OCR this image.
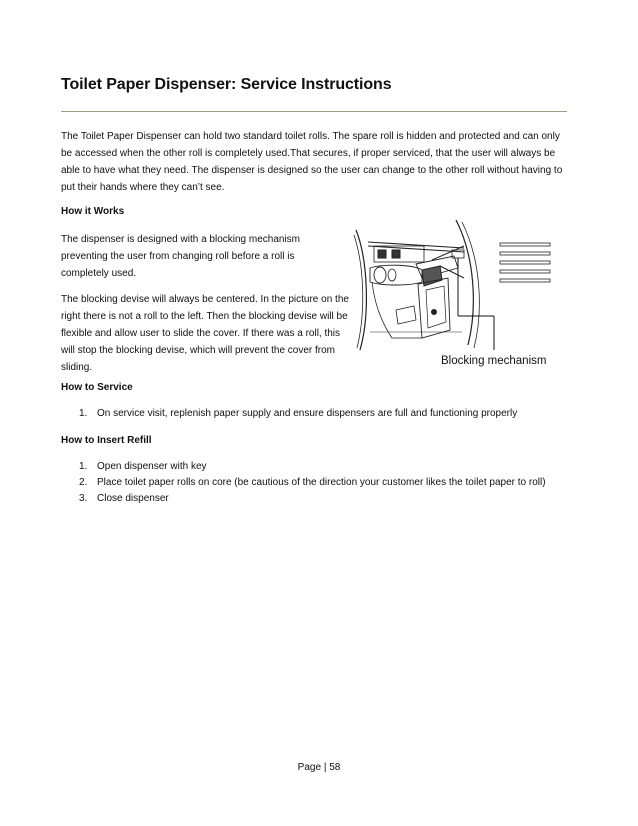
Toilet Paper Dispenser: Service Instructions

The Toilet Paper Dispenser can hold two standard toilet rolls. The spare roll is hidden and protected and can only be accessed when the other roll is completely used.That secures, if proper serviced, that the user will always be able to have what they need. The dispenser is designed so the user can change to the other roll without having to put their hands where they can’t see.

How it Works

The dispenser is designed with a blocking mechanism preventing the user from changing roll before a roll is completely used.

The blocking devise will always be centered. In the picture on the right there is not a roll to the left. Then the blocking devise will be flexible and allow user to slide the cover. If there was a roll, this will stop the blocking devise, which will prevent the cover from sliding.

Blocking mechanism

How to Service
1. On service visit, replenish paper supply and ensure dispensers are full and functioning properly
How to Insert Refill
1. Open dispenser with key
2. Place toilet paper rolls on core (be cautious of the direction your customer likes the toilet paper to roll)
3. Close dispenser
Page | 58
